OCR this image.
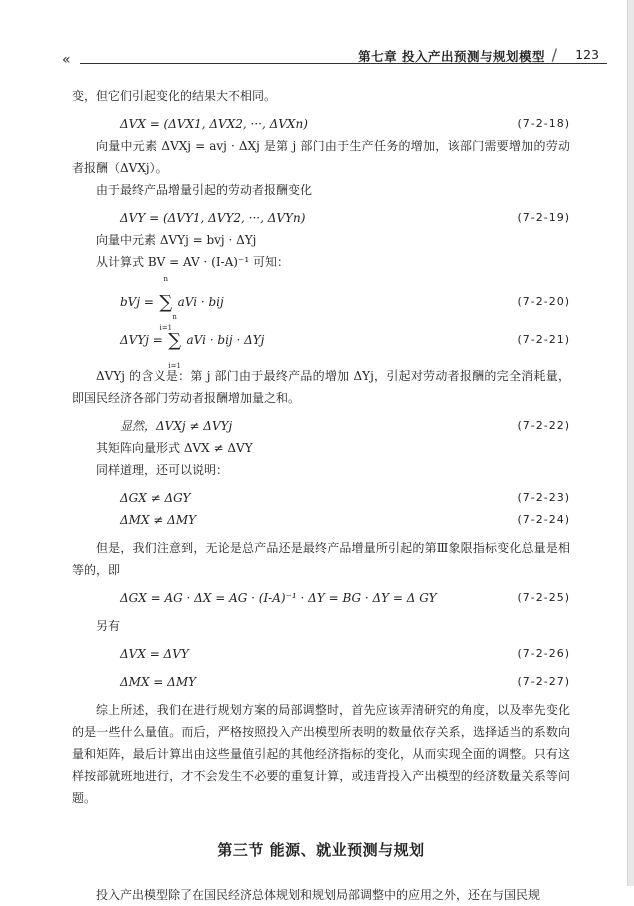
«	第七章 投入产出预测与规划模型 / 123

变，但它们引起变化的结果大不相同。

ΔVX = (ΔVX1, ΔVX2, ···, ΔVXn)	(7-2-18)

向量中元素 ΔVXj = avj · ΔXj 是第 j 部门由于生产任务的增加，该部门需要增加的劳动者报酬（ΔVXj）。

由于最终产品增量引起的劳动者报酬变化

ΔVY = (ΔVY1, ΔVY2, ···, ΔVYn)	(7-2-19)

向量中元素 ΔVYj = bvj · ΔYj

从计算式 BV = AV · (I-A)⁻¹ 可知：

bVj = ∑
n
i=1
aVi · bij	(7-2-20)
ΔVYj = ∑
n
i=1
aVi · bij · ΔYj	(7-2-21)

ΔVYj 的含义是：第 j 部门由于最终产品的增加 ΔYj，引起对劳动者报酬的完全消耗量，即国民经济各部门劳动者报酬增加量之和。

显然，ΔVXj ≠ ΔVYj	(7-2-22)

其矩阵向量形式 ΔVX ≠ ΔVY

同样道理，还可以说明：

ΔGX ≠ ΔGY	(7-2-23)
ΔMX ≠ ΔMY	(7-2-24)

但是，我们注意到，无论是总产品还是最终产品增量所引起的第Ⅲ象限指标变化总量是相等的，即

ΔGX = AG · ΔX = AG · (I-A)⁻¹ · ΔY = BG · ΔY = Δ GY	(7-2-25)

另有

ΔVX = ΔVY	(7-2-26)
ΔMX = ΔMY	(7-2-27)

综上所述，我们在进行规划方案的局部调整时，首先应该弄清研究的角度，以及率先变化的是一些什么量值。而后，严格按照投入产出模型所表明的数量依存关系，选择适当的系数向量和矩阵，最后计算出由这些量值引起的其他经济指标的变化，从而实现全面的调整。只有这样按部就班地进行，才不会发生不必要的重复计算，或违背投入产出模型的经济数量关系等问题。

第三节 能源、就业预测与规划

投入产出模型除了在国民经济总体规划和规划局部调整中的应用之外，还在与国民规
